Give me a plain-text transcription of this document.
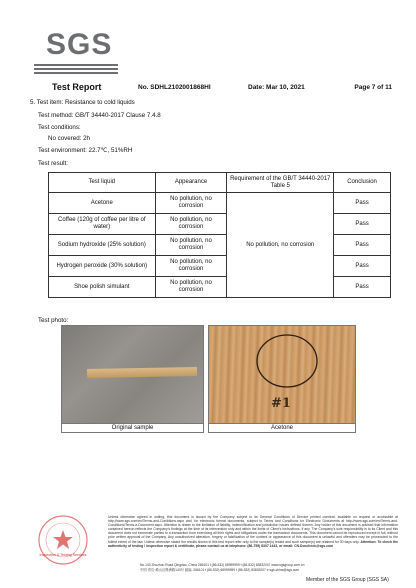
SGS
Test Report	No. SDHL2102001868HI	Date: Mar 10, 2021	Page 7 of 11
5. Test item: Resistance to cold liquids
Test method: GB/T 34440-2017 Clause 7.4.8
Test conditions:
No covered: 2h
Test environment: 22.7℃, 51%RH
Test result:
Test liquid	Appearance	Requirement of the GB/T 34440-2017 Table 5	Conclusion
Acetone	No pollution, no corrosion	No pollution, no corrosion	Pass
Coffee (120g of coffee per litre of water)	No pollution, no corrosion		Pass
Sodium hydroxide (25% solution)	No pollution, no corrosion		Pass
Hydrogen peroxide (30% solution)	No pollution, no corrosion		Pass
Shoe polish simulant	No pollution, no corrosion		Pass
Test photo:
Original sample
#1
Acetone
Inspection & Testing Services
Unless otherwise agreed in writing, this document is issued by the Company subject to its General Conditions of Service printed overleaf, available on request or accessible at http://www.sgs.com/en/Terms-and-Conditions.aspx and, for electronic format documents, subject to Terms and Conditions for Electronic Documents at http://www.sgs.com/en/Terms-and-Conditions/Terms-e-Document.aspx. Attention is drawn to the limitation of liability, indemnification and jurisdiction issues defined therein. Any holder of this document is advised that information contained hereon reflects the Company's findings at the time of its intervention only and within the limits of Client's instructions, if any. The Company's sole responsibility is to its Client and this document does not exonerate parties to a transaction from exercising all their rights and obligations under the transaction documents. This document cannot be reproduced except in full, without prior written approval of the Company. Any unauthorized alteration, forgery or falsification of the content or appearance of this document is unlawful and offenders may be prosecuted to the fullest extent of the law. Unless otherwise stated the results shown in this test report refer only to the sample(s) tested and such sample(s) are retained for 30 days only. Attention: To check the authenticity of testing / inspection report & certificate, please contact us at telephone: (86-755) 8307 1443, or email: CN.Doccheck@sgs.com
No.143 Zhuzhou Road Qingdao, China 266101 t (86-532) 68999999 f (86-532) 83832007 www.sgsgroup.com.cn
中国·青岛·崂山区株洲路143号 邮编: 266101 t (86-532) 68999999 f (86-532) 83832007 e sgs.china@sgs.com
Member of the SGS Group (SGS SA)
